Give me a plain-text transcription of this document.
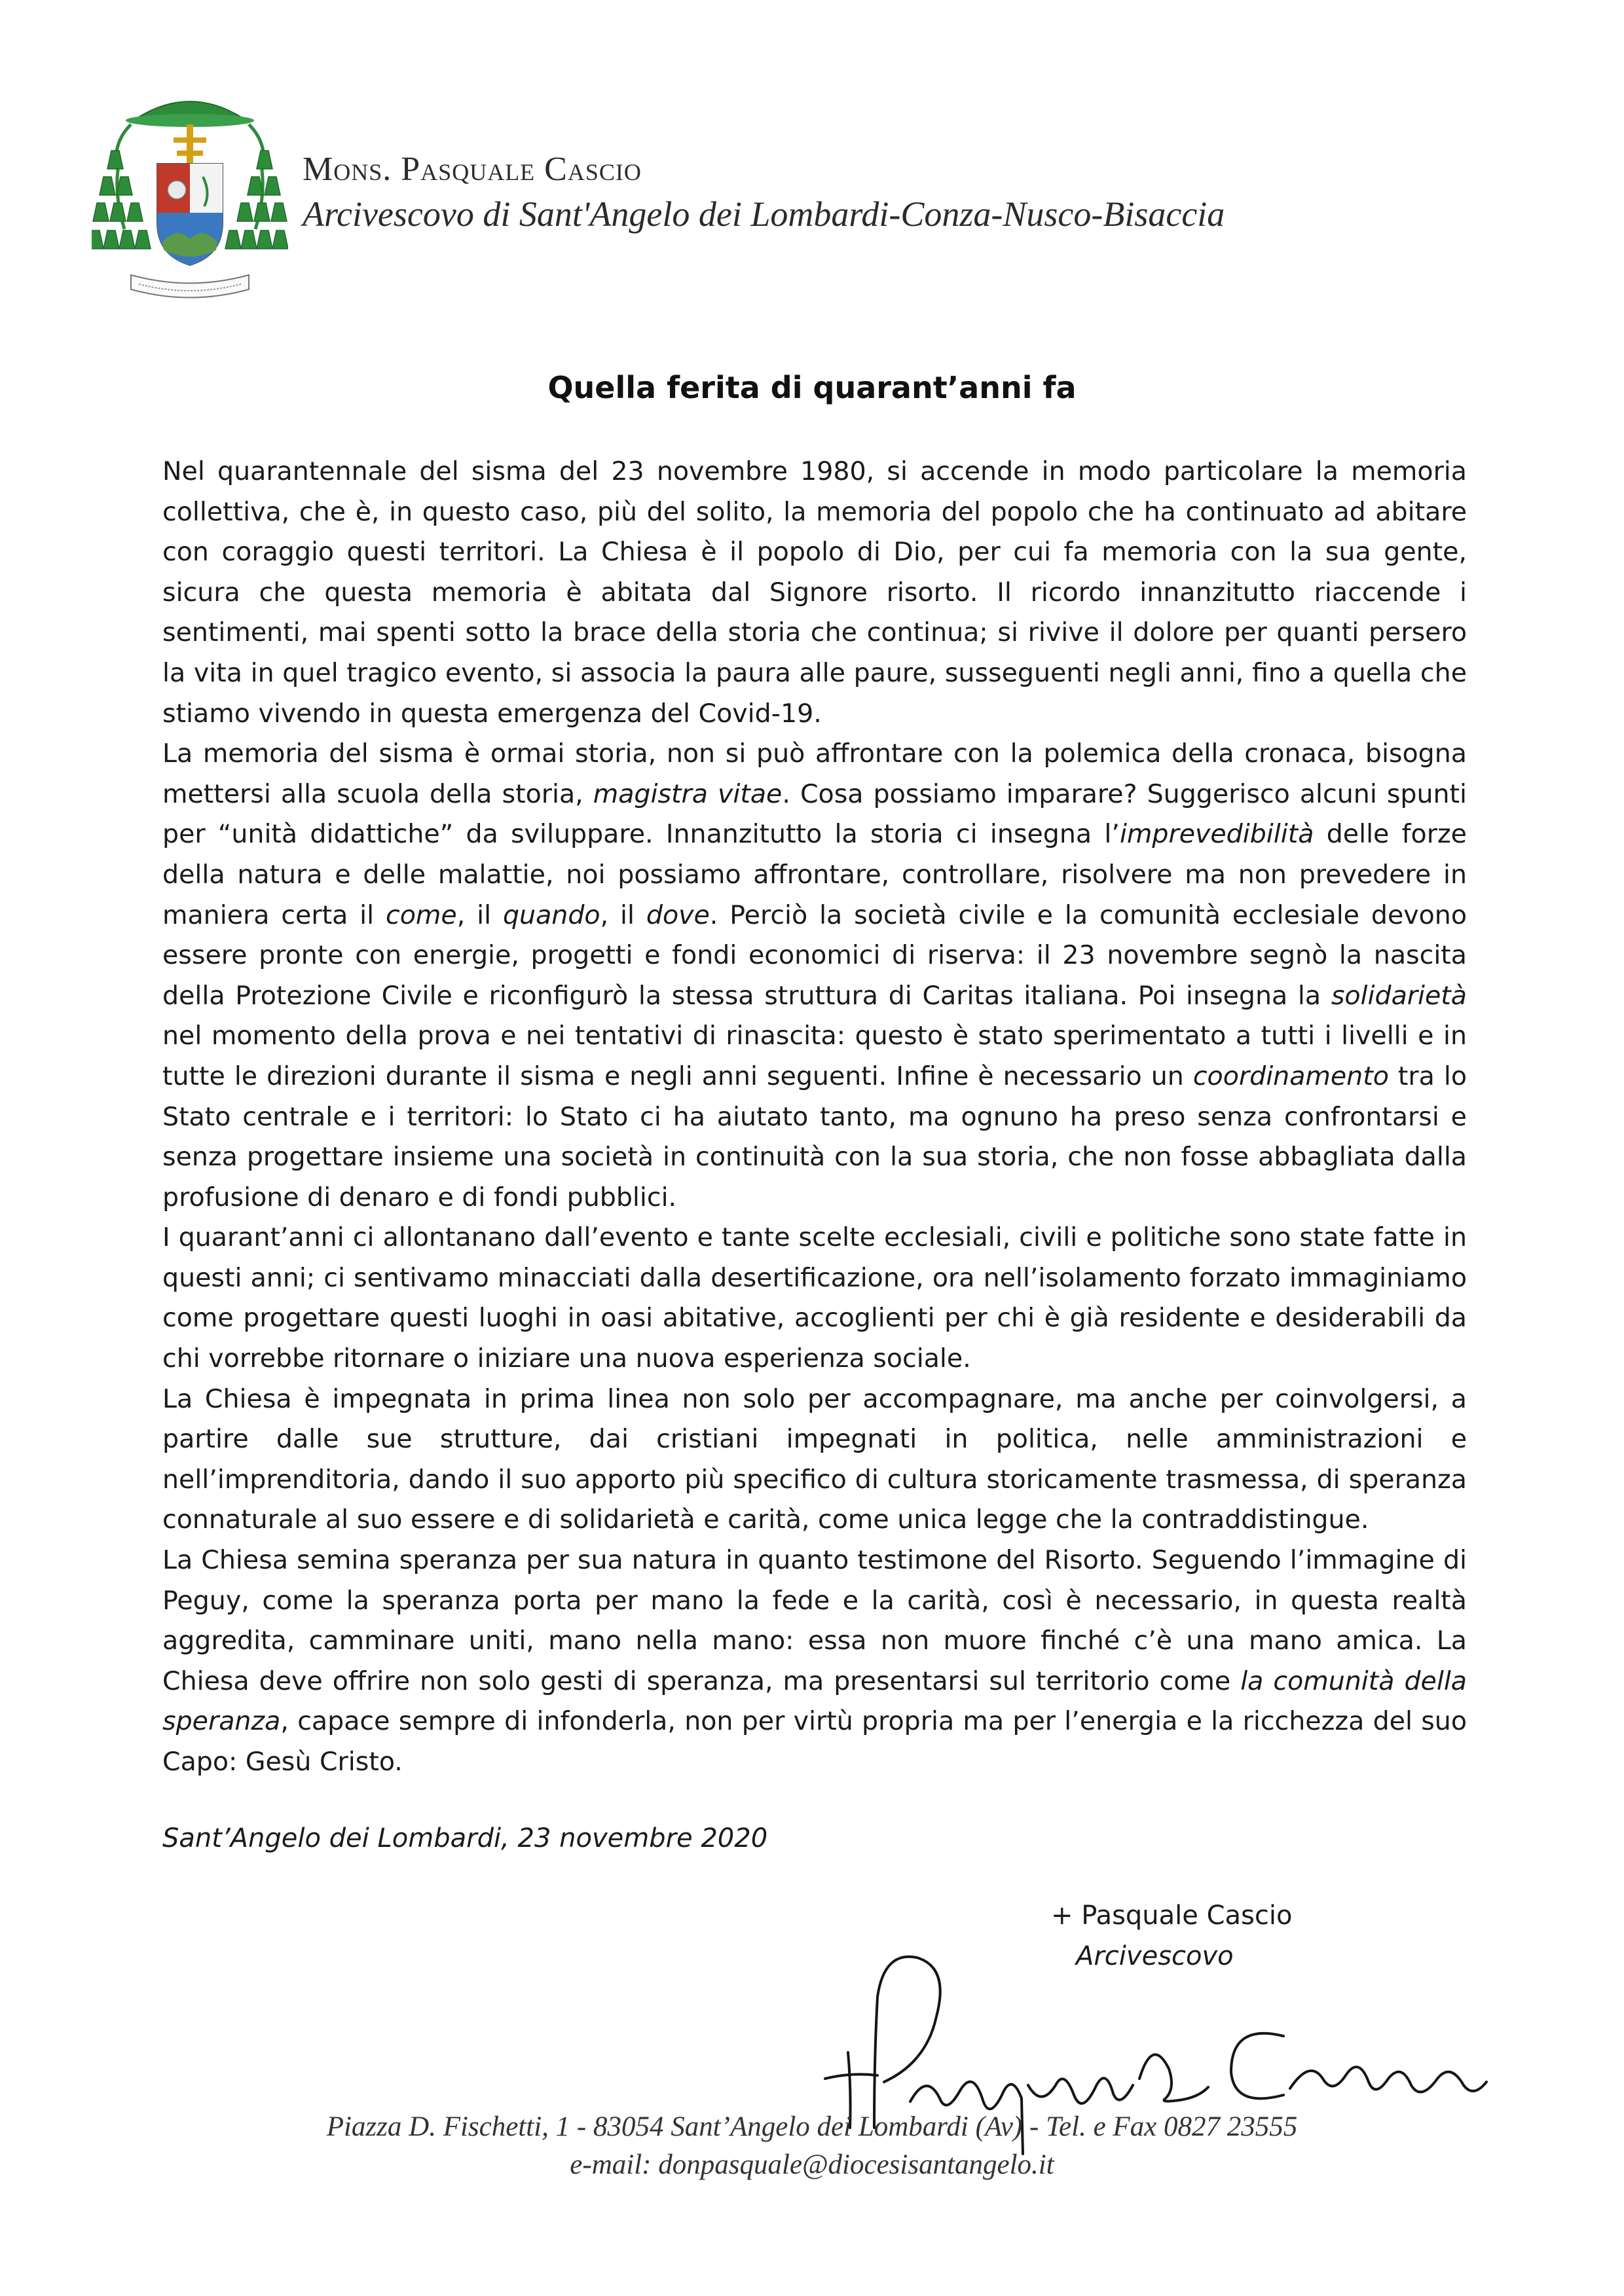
Mons. Pasquale Cascio
Arcivescovo di Sant'Angelo dei Lombardi-Conza-Nusco-Bisaccia
Quella ferita di quarant’anni fa

Nel quarantennale del sisma del 23 novembre 1980, si accende in modo particolare la memoria collettiva, che è, in questo caso, più del solito, la memoria del popolo che ha continuato ad abitare con coraggio questi territori. La Chiesa è il popolo di Dio, per cui fa memoria con la sua gente, sicura che questa memoria è abitata dal Signore risorto. Il ricordo innanzitutto riaccende i sentimenti, mai spenti sotto la brace della storia che continua; si rivive il dolore per quanti persero la vita in quel tragico evento, si associa la paura alle paure, susseguenti negli anni, fino a quella che stiamo vivendo in questa emergenza del Covid-19.

La memoria del sisma è ormai storia, non si può affrontare con la polemica della cronaca, bisogna mettersi alla scuola della storia, magistra vitae. Cosa possiamo imparare? Suggerisco alcuni spunti per “unità didattiche” da sviluppare. Innanzitutto la storia ci insegna l’imprevedibilità delle forze della natura e delle malattie, noi possiamo affrontare, controllare, risolvere ma non prevedere in maniera certa il come, il quando, il dove. Perciò la società civile e la comunità ecclesiale devono essere pronte con energie, progetti e fondi economici di riserva: il 23 novembre segnò la nascita della Protezione Civile e riconfigurò la stessa struttura di Caritas italiana. Poi insegna la solidarietà nel momento della prova e nei tentativi di rinascita: questo è stato sperimentato a tutti i livelli e in tutte le direzioni durante il sisma e negli anni seguenti. Infine è necessario un coordinamento tra lo Stato centrale e i territori: lo Stato ci ha aiutato tanto, ma ognuno ha preso senza confrontarsi e senza progettare insieme una società in continuità con la sua storia, che non fosse abbagliata dalla profusione di denaro e di fondi pubblici.

I quarant’anni ci allontanano dall’evento e tante scelte ecclesiali, civili e politiche sono state fatte in questi anni; ci sentivamo minacciati dalla desertificazione, ora nell’isolamento forzato immaginiamo come progettare questi luoghi in oasi abitative, accoglienti per chi è già residente e desiderabili da chi vorrebbe ritornare o iniziare una nuova esperienza sociale.

La Chiesa è impegnata in prima linea non solo per accompagnare, ma anche per coinvolgersi, a partire dalle sue strutture, dai cristiani impegnati in politica, nelle amministrazioni e nell’imprenditoria, dando il suo apporto più specifico di cultura storicamente trasmessa, di speranza connaturale al suo essere e di solidarietà e carità, come unica legge che la contraddistingue.

La Chiesa semina speranza per sua natura in quanto testimone del Risorto. Seguendo l’immagine di Peguy, come la speranza porta per mano la fede e la carità, così è necessario, in questa realtà aggredita, camminare uniti, mano nella mano: essa non muore finché c’è una mano amica. La Chiesa deve offrire non solo gesti di speranza, ma presentarsi sul territorio come la comunità della speranza, capace sempre di infonderla, non per virtù propria ma per l’energia e la ricchezza del suo Capo: Gesù Cristo.

Sant’Angelo dei Lombardi, 23 novembre 2020
+ Pasquale Cascio
Arcivescovo
Piazza D. Fischetti, 1 - 83054 Sant’Angelo dei Lombardi (Av) - Tel. e Fax 0827 23555
e-mail: donpasquale@diocesisantangelo.it
